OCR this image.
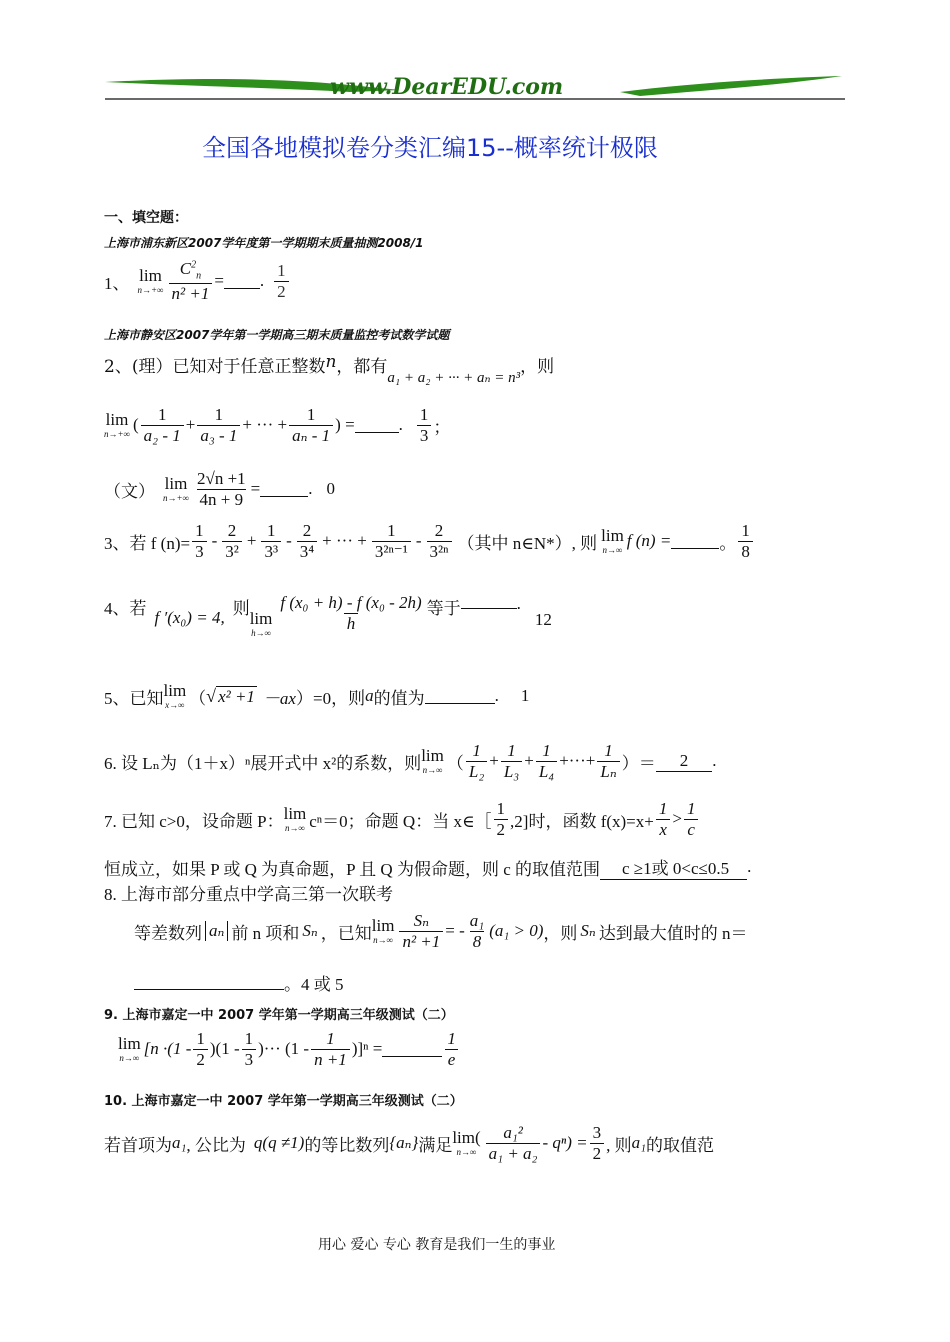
www.DearEDU.com
全国各地模拟卷分类汇编15--概率统计极限
一、填空题：
上海市浦东新区2007学年度第一学期期末质量抽测2008/1
1、 lim
$n\to+\infty \frac{C^2_n}{\text{n² +1}}$ = . $\frac{1}{2}$
上海市静安区2007学年第一学期高三期末质量监控考试数学试题
2、(理）已知对于任意正整数 n ，都有
a₁ + a₂ + ··· + aₙ = n³
，则
lim
n→+∞ ( $\frac{1}{\text{a₂ - 1}} + \frac{1}{\text{a₃ - 1}}$ + ··· + $\frac{1}{\text{aₙ - 1}}$ ) =	. $\frac{1}{3}$ ；
（文） lim
$n\to+\infty \frac{2√n +1}{4n + 9}$ =	. 0
3、若 f $(n)= \frac{1}{3} - \frac{2}{\text{3²}} + \frac{1}{\text{3³}} - \frac{2}{\text{3⁴}}$ + ··· + $\frac{1}{\text{3²ⁿ⁻¹}} - \frac{2}{\text{3²ⁿ}}$ （其中 n∈N*）, 则 lim
n→∞ f (n) =	。 $\frac{1}{8}$
4、若 f ′(x₀) = 4, 则
lim
h→∞
$\frac{\text{f (x₀ + h) - f (x₀ - 2h)}}{h}$ 等于	.
12
5、已知 lim
x→∞ （ √ x² +1 －ax ）=0，则 a 的值为	. 1
6. 设 Lₙ为（1＋x）ⁿ展开式中 x²的系数，则 lim
n→∞ （ $\frac{1}{\text{L₂}} + \frac{1}{\text{L₃}} + \frac{1}{\text{L₄}}$ +···+ $\frac{1}{\text{Lₙ}}$ ）＝	2	.
7. 已知 c>0，设命题 P： lim
n→∞ cⁿ＝0；命题 Q：当 x∈［ $\frac{1}{2} ,2$]时，函数 $f(x)=x+ \frac{1}{x} > \frac{1}{c}$
恒成立，如果 P 或 Q 为真命题，P 且 Q 为假命题，则 c 的取值范围	c ≥1或 0<c≤0.5	.
8. 上海市部分重点中学高三第一次联考
等差数列 aₙ 前 n 项和 Sₙ ，已知 lim
$n\to\infty \frac{\text{Sₙ}}{\text{n² +1}}$ = - $\frac{\text{a₁}}{8} (a_1 > 0)$ ，则 Sₙ 达到最大值时的 n＝
。4 或 5
9. 上海市嘉定一中 2007 学年第一学期高三年级测试（二）
lim
n→∞ [$n \cdot(1 - \frac{1}{2} )(1 - \frac{1}{3}$ )··· $(1 - \frac{1}{n +1} )]^n$ =	$\frac{1}{e}$
10. 上海市嘉定一中 2007 学年第一学期高三年级测试（二）
若首项为 a₁ , 公比为 q(q ≠1) 的等比数列 {aₙ} 满足 lim(
$n\to\infty \frac{\text{a₁²}}{\text{a₁ + a₂}} - q^n) = \frac{3}{2}$ , 则 a₁ 的取值范
用心 爱心 专心 教育是我们一生的事业
